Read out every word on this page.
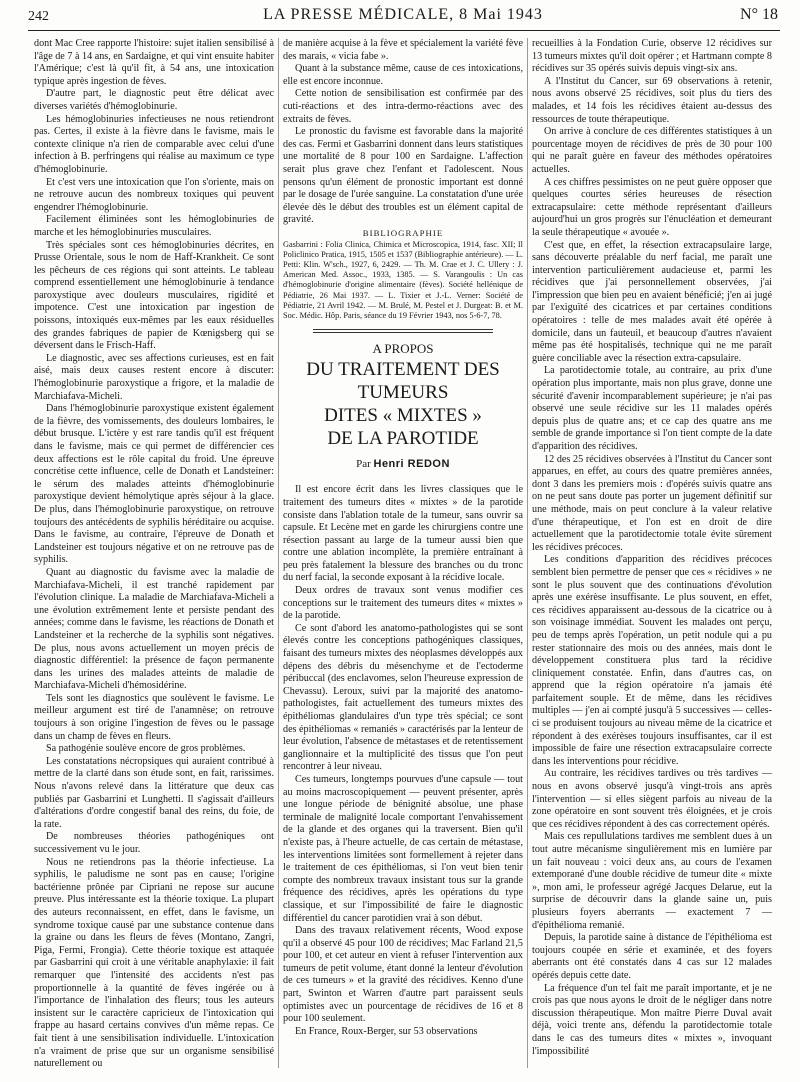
242	LA PRESSE MÉDICALE, 8 Mai 1943	N° 18

dont Mac Cree rapporte l'histoire: sujet italien sensibilisé à l'âge de 7 à 14 ans, en Sardaigne, et qui vint ensuite habiter l'Amérique; c'est là qu'il fit, à 54 ans, une intoxication typique après ingestion de fèves.

D'autre part, le diagnostic peut être délicat avec diverses variétés d'hémoglobinurie.

Les hémoglobinuries infectieuses ne nous retiendront pas. Certes, il existe à la fièvre dans le favisme, mais le contexte clinique n'a rien de comparable avec celui d'une infection à B. perfringens qui réalise au maximum ce type d'hémoglobinurie.

Et c'est vers une intoxication que l'on s'oriente, mais on ne retrouve aucun des nombreux toxiques qui peuvent engendrer l'hémoglobinurie.

Facilement éliminées sont les hémoglobinuries de marche et les hémoglobinuries musculaires.

Très spéciales sont ces hémoglobinuries décrites, en Prusse Orientale, sous le nom de Haff-Krankheit. Ce sont les pêcheurs de ces régions qui sont atteints. Le tableau comprend essentiellement une hémoglobinurie à tendance paroxystique avec douleurs musculaires, rigidité et impotence. C'est une intoxication par ingestion de poissons, intoxiqués eux-mêmes par les eaux résiduelles des grandes fabriques de papier de Kœnigsberg qui se déversent dans le Frisch-Haff.

Le diagnostic, avec ses affections curieuses, est en fait aisé, mais deux causes restent encore à discuter: l'hémoglobinurie paroxystique a frigore, et la maladie de Marchiafava-Micheli.

Dans l'hémoglobinurie paroxystique existent également de la fièvre, des vomissements, des douleurs lombaires, le début brusque. L'ictère y est rare tandis qu'il est fréquent dans le favisme, mais ce qui permet de différencier ces deux affections est le rôle capital du froid. Une épreuve concrétise cette influence, celle de Donath et Landsteiner: le sérum des malades atteints d'hémoglobinurie paroxystique devient hémolytique après séjour à la glace. De plus, dans l'hémoglobinurie paroxystique, on retrouve toujours des antécédents de syphilis héréditaire ou acquise. Dans le favisme, au contraire, l'épreuve de Donath et Landsteiner est toujours négative et on ne retrouve pas de syphilis.

Quant au diagnostic du favisme avec la maladie de Marchiafava-Micheli, il est tranché rapidement par l'évolution clinique. La maladie de Marchiafava-Micheli a une évolution extrêmement lente et persiste pendant des années; comme dans le favisme, les réactions de Donath et Landsteiner et la recherche de la syphilis sont négatives. De plus, nous avons actuellement un moyen précis de diagnostic différentiel: la présence de façon permanente dans les urines des malades atteints de maladie de Marchiafava-Micheli d'hémosidérine.

Tels sont les diagnostics que soulèvent le favisme. Le meilleur argument est tiré de l'anamnèse; on retrouve toujours à son origine l'ingestion de fèves ou le passage dans un champ de fèves en fleurs.

Sa pathogénie soulève encore de gros problèmes.

Les constatations nécropsiques qui auraient contribué à mettre de la clarté dans son étude sont, en fait, rarissimes. Nous n'avons relevé dans la littérature que deux cas publiés par Gasbarrini et Lunghetti. Il s'agissait d'ailleurs d'altérations d'ordre congestif banal des reins, du foie, de la rate.

De nombreuses théories pathogéniques ont successivement vu le jour.

Nous ne retiendrons pas la théorie infectieuse. La syphilis, le paludisme ne sont pas en cause; l'origine bactérienne prônée par Cipriani ne repose sur aucune preuve. Plus intéressante est la théorie toxique. La plupart des auteurs reconnaissent, en effet, dans le favisme, un syndrome toxique causé par une substance contenue dans la graine ou dans les fleurs de fèves (Montano, Zangri, Piga, Fermi, Frongia). Cette théorie toxique est attaquée par Gasbarrini qui croit à une véritable anaphylaxie: il fait remarquer que l'intensité des accidents n'est pas proportionnelle à la quantité de fèves ingérée ou à l'importance de l'inhalation des fleurs; tous les auteurs insistent sur le caractère capricieux de l'intoxication qui frappe au hasard certains convives d'un même repas. Ce fait tient à une sensibilisation individuelle. L'intoxication n'a vraiment de prise que sur un organisme sensibilisé naturellement ou

de manière acquise à la fève et spécialement la variété fève des marais, « vicia fabe ».

Quant à la substance même, cause de ces intoxications, elle est encore inconnue.

Cette notion de sensibilisation est confirmée par des cuti-réactions et des intra-dermo-réactions avec des extraits de fèves.

Le pronostic du favisme est favorable dans la majorité des cas. Fermi et Gasbarrini donnent dans leurs statistiques une mortalité de 8 pour 100 en Sardaigne. L'affection serait plus grave chez l'enfant et l'adolescent. Nous pensons qu'un élément de pronostic important est donné par le dosage de l'urée sanguine. La constatation d'une urée élevée dès le début des troubles est un élément capital de gravité.

BIBLIOGRAPHIE

Gasbarrini : Folia Clinica, Chimica et Microscopica, 1914, fasc. XII; Il Policlinico Pratica, 1915, 1505 et 1537 (Bibliographie antérieure). — L. Petti: Klin. W'sch., 1927, 6, 2429. — Th. M. Crae et J. C. Ullery : J. American Med. Assoc., 1933, 1385. — S. Varangoulis : Un cas d'hémoglobinurie d'origine alimentaire (fèves). Société hellénique de Pédiatrie, 26 Mai 1937. — L. Tixier et J.-L. Verner: Société de Pédiatrie, 21 Avril 1942. — M. Brulé, M. Pestel et J. Durgeat: B. et M. Soc. Médic. Hôp. Paris, séance du 19 Février 1943, nos 5-6-7, 78.

A PROPOS
DU TRAITEMENT DES TUMEURS
DITES « MIXTES »
DE LA PAROTIDE
Par Henri REDON

Il est encore écrit dans les livres classiques que le traitement des tumeurs dites « mixtes » de la parotide consiste dans l'ablation totale de la tumeur, sans ouvrir sa capsule. Et Lecène met en garde les chirurgiens contre une résection passant au large de la tumeur aussi bien que contre une ablation incomplète, la première entraînant à peu près fatalement la blessure des branches ou du tronc du nerf facial, la seconde exposant à la récidive locale.

Deux ordres de travaux sont venus modifier ces conceptions sur le traitement des tumeurs dites « mixtes » de la parotide.

Ce sont d'abord les anatomo-pathologistes qui se sont élevés contre les conceptions pathogéniques classiques, faisant des tumeurs mixtes des néoplasmes développés aux dépens des débris du mésenchyme et de l'ectoderme péribuccal (des enclavomes, selon l'heureuse expression de Chevassu). Leroux, suivi par la majorité des anatomo-pathologistes, fait actuellement des tumeurs mixtes des épithéliomas glandulaires d'un type très spécial; ce sont des épithéliomas « remaniés » caractérisés par la lenteur de leur évolution, l'absence de métastases et de retentissement ganglionnaire et la multiplicité des tissus que l'on peut rencontrer à leur niveau.

Ces tumeurs, longtemps pourvues d'une capsule — tout au moins macroscopiquement — peuvent présenter, après une longue période de bénignité absolue, une phase terminale de malignité locale comportant l'envahissement de la glande et des organes qui la traversent. Bien qu'il n'existe pas, à l'heure actuelle, de cas certain de métastase, les interventions limitées sont formellement à rejeter dans le traitement de ces épithéliomas, si l'on veut bien tenir compte des nombreux travaux insistant tous sur la grande fréquence des récidives, après les opérations du type classique, et sur l'impossibilité de faire le diagnostic différentiel du cancer parotidien vrai à son début.

Dans des travaux relativement récents, Wood expose qu'il a observé 45 pour 100 de récidives; Mac Farland 21,5 pour 100, et cet auteur en vient à refuser l'intervention aux tumeurs de petit volume, étant donné la lenteur d'évolution de ces tumeurs » et la gravité des récidives. Kenno d'une part, Swinton et Warren d'autre part paraissent seuls optimistes avec un pourcentage de récidives de 16 et 8 pour 100 seulement.

En France, Roux-Berger, sur 53 observations

recueillies à la Fondation Curie, observe 12 récidives sur 13 tumeurs mixtes qu'il doit opérer ; et Hartmann compte 8 récidives sur 35 opérés suivis depuis vingt-six ans.

A l'Institut du Cancer, sur 69 observations à retenir, nous avons observé 25 récidives, soit plus du tiers des malades, et 14 fois les récidives étaient au-dessus des ressources de toute thérapeutique.

On arrive à conclure de ces différentes statistiques à un pourcentage moyen de récidives de près de 30 pour 100 qui ne paraît guère en faveur des méthodes opératoires actuelles.

A ces chiffres pessimistes on ne peut guère opposer que quelques courtes séries heureuses de résection extracapsulaire: cette méthode représentant d'ailleurs aujourd'hui un gros progrès sur l'énucléation et demeurant la seule thérapeutique « avouée ».

C'est que, en effet, la résection extracapsulaire large, sans découverte préalable du nerf facial, me paraît une intervention particulièrement audacieuse et, parmi les récidives que j'ai personnellement observées, j'ai l'impression que bien peu en avaient bénéficié; j'en ai jugé par l'exiguïté des cicatrices et par certaines conditions opératoires : telle de mes malades avait été opérée à domicile, dans un fauteuil, et beaucoup d'autres n'avaient même pas été hospitalisés, technique qui ne me paraît guère conciliable avec la résection extra-capsulaire.

La parotidectomie totale, au contraire, au prix d'une opération plus importante, mais non plus grave, donne une sécurité d'avenir incomparablement supérieure; je n'ai pas observé une seule récidive sur les 11 malades opérés depuis plus de quatre ans; et ce cap des quatre ans me semble de grande importance si l'on tient compte de la date d'apparition des récidives.

12 des 25 récidives observées à l'Institut du Cancer sont apparues, en effet, au cours des quatre premières années, dont 3 dans les premiers mois : d'opérés suivis quatre ans on ne peut sans doute pas porter un jugement définitif sur une méthode, mais on peut conclure à la valeur relative d'une thérapeutique, et l'on est en droit de dire actuellement que la parotidectomie totale évite sûrement les récidives précoces.

Les conditions d'apparition des récidives précoces semblent bien permettre de penser que ces « récidives » ne sont le plus souvent que des continuations d'évolution après une exérèse insuffisante. Le plus souvent, en effet, ces récidives apparaissent au-dessous de la cicatrice ou à son voisinage immédiat. Souvent les malades ont perçu, peu de temps après l'opération, un petit nodule qui a pu rester stationnaire des mois ou des années, mais dont le développement constituera plus tard la récidive cliniquement constatée. Enfin, dans d'autres cas, on apprend que la région opératoire n'a jamais été parfaitement souple. Et de même, dans les récidives multiples — j'en ai compté jusqu'à 5 successives — celles-ci se produisent toujours au niveau même de la cicatrice et répondent à des exérèses toujours insuffisantes, car il est impossible de faire une résection extracapsulaire correcte dans les interventions pour récidive.

Au contraire, les récidives tardives ou très tardives — nous en avons observé jusqu'à vingt-trois ans après l'intervention — si elles siègent parfois au niveau de la zone opératoire en sont souvent très éloignées, et je crois que ces récidives répondent à des cas correctement opérés.

Mais ces repullulations tardives me semblent dues à un tout autre mécanisme singulièrement mis en lumière par un fait nouveau : voici deux ans, au cours de l'examen extemporané d'une double récidive de tumeur dite « mixte », mon ami, le professeur agrégé Jacques Delarue, eut la surprise de découvrir dans la glande saine un, puis plusieurs foyers aberrants — exactement 7 — d'épithélioma remanié.

Depuis, la parotide saine à distance de l'épithélioma est toujours coupée en série et examinée, et des foyers aberrants ont été constatés dans 4 cas sur 12 malades opérés depuis cette date.

La fréquence d'un tel fait me paraît importante, et je ne crois pas que nous ayons le droit de le négliger dans notre discussion thérapeutique. Mon maître Pierre Duval avait déjà, voici trente ans, défendu la parotidectomie totale dans le cas des tumeurs dites « mixtes », invoquant l'impossibilité
